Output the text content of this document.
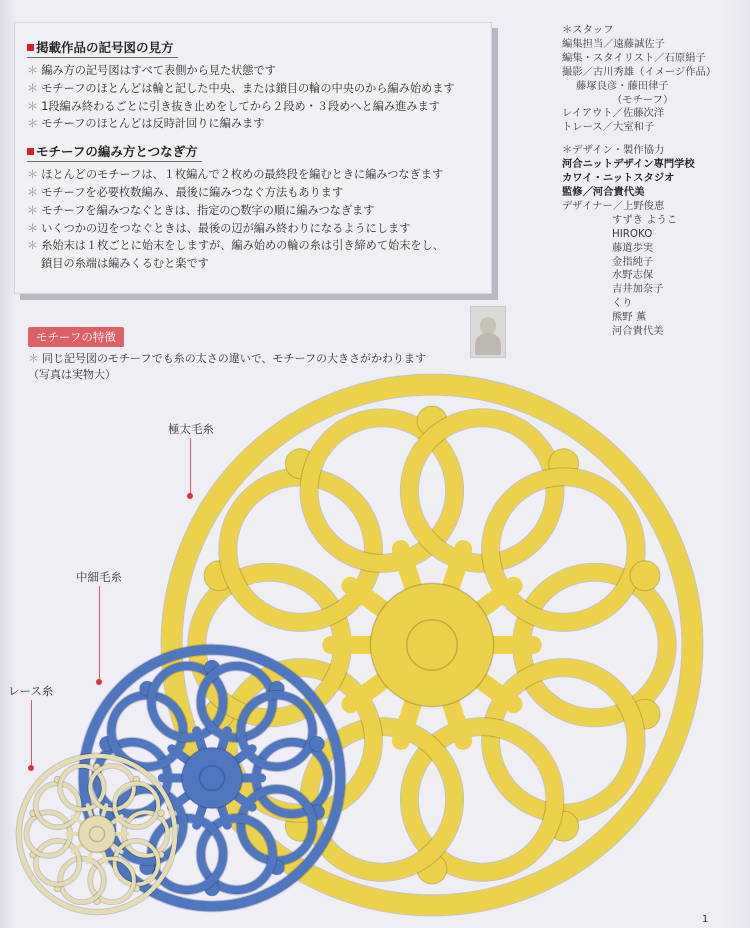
掲載作品の記号図の見方
＊ 編み方の記号図はすべて表側から見た状態です
＊ モチーフのほとんどは輪と記した中央、または鎖目の輪の中央のから編み始めます
＊ 1段編み終わるごとに引き抜き止めをしてから２段め・３段めへと編み進みます
＊ モチーフのほとんどは反時計回りに編みます
モチーフの編み方とつなぎ方
＊ ほとんどのモチーフは、１枚編んで２枚めの最終段を編むときに編みつなぎます
＊ モチーフを必要枚数編み、最後に編みつなぐ方法もあります
＊ モチーフを編みつなぐときは、指定の○数字の順に編みつなぎます
＊ いくつかの辺をつなぐときは、最後の辺が編み終わりになるようにします
＊ 糸始末は１枚ごとに始末をしますが、編み始めの輪の糸は引き締めて始末をし、
鎖目の糸端は編みくるむと楽です
＊スタッフ
編集担当／遠藤誠佐子
編集・スタイリスト／石原絹子
撮影／古川秀雄（イメージ作品）
藤塚良彦・藤田律子
（モチーフ）
レイアウト／佐藤次洋
トレース／大室和子
＊デザイン・製作協力
河合ニットデザイン専門学校
カワイ・ニットスタジオ
監修／河合貴代美
デザイナー／上野俊恵
すずき ようこ
HIROKO
藤道歩実
金指純子
水野志保
吉井加奈子
くり
熊野 薫
河合貴代美
モチーフの特徴
＊ 同じ記号図のモチーフでも糸の太さの違いで、モチーフの大きさがかわります
（写真は実物大）
極太毛糸
中細毛糸
レース糸
1
